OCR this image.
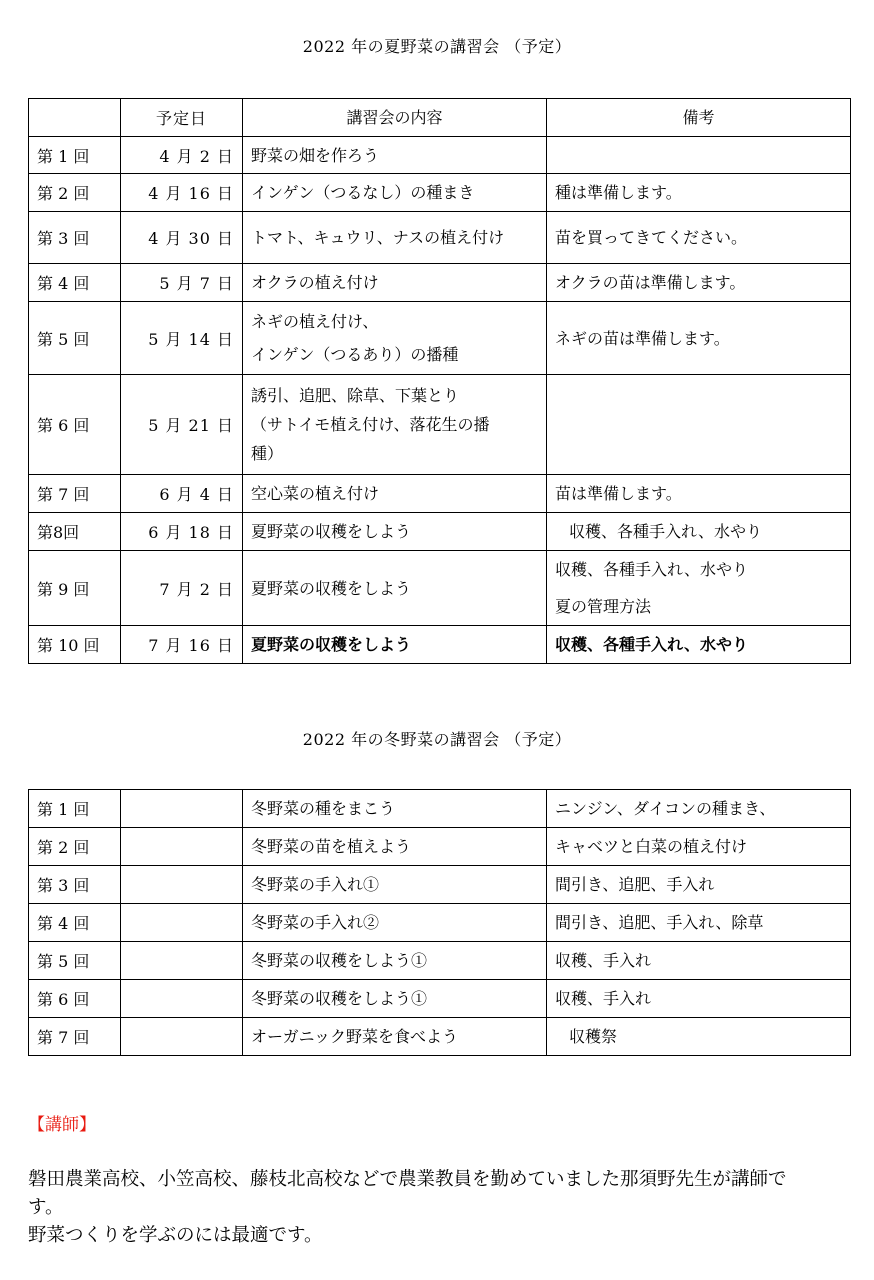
2022 年の夏野菜の講習会 （予定）
	予定日	講習会の内容	備考
第 1 回	4 月 2 日	野菜の畑を作ろう	
第 2 回	4 月 16 日	インゲン（つるなし）の種まき	種は準備します。
第 3 回	4 月 30 日	トマト、キュウリ、ナスの植え付け	苗を買ってきてください。
第 4 回	5 月 7 日	オクラの植え付け	オクラの苗は準備します。
第 5 回	5 月 14 日	ネギの植え付け、
インゲン（つるあり）の播種	ネギの苗は準備します。
第 6 回	5 月 21 日	誘引、追肥、除草、下葉とり
（サトイモ植え付け、落花生の播
種）	

第 7 回	6 月 4 日	空心菜の植え付け	苗は準備します。
第8回	6 月 18 日	夏野菜の収穫をしよう	収穫、各種手入れ、水やり
第 9 回	7 月 2 日	夏野菜の収穫をしよう	収穫、各種手入れ、水やり
夏の管理方法

第 10 回	7 月 16 日	夏野菜の収穫をしよう	収穫、各種手入れ、水やり
2022 年の冬野菜の講習会 （予定）
第 1 回		冬野菜の種をまこう	ニンジン、ダイコンの種まき、
第 2 回		冬野菜の苗を植えよう	キャベツと白菜の植え付け
第 3 回		冬野菜の手入れ①	間引き、追肥、手入れ
第 4 回		冬野菜の手入れ②	間引き、追肥、手入れ、除草
第 5 回		冬野菜の収穫をしよう①	収穫、手入れ
第 6 回		冬野菜の収穫をしよう①	収穫、手入れ
第 7 回		オーガニック野菜を食べよう	収穫祭
【講師】
磐田農業高校、小笠高校、藤枝北高校などで農業教員を勤めていました那須野先生が講師で
す。
野菜つくりを学ぶのには最適です。
